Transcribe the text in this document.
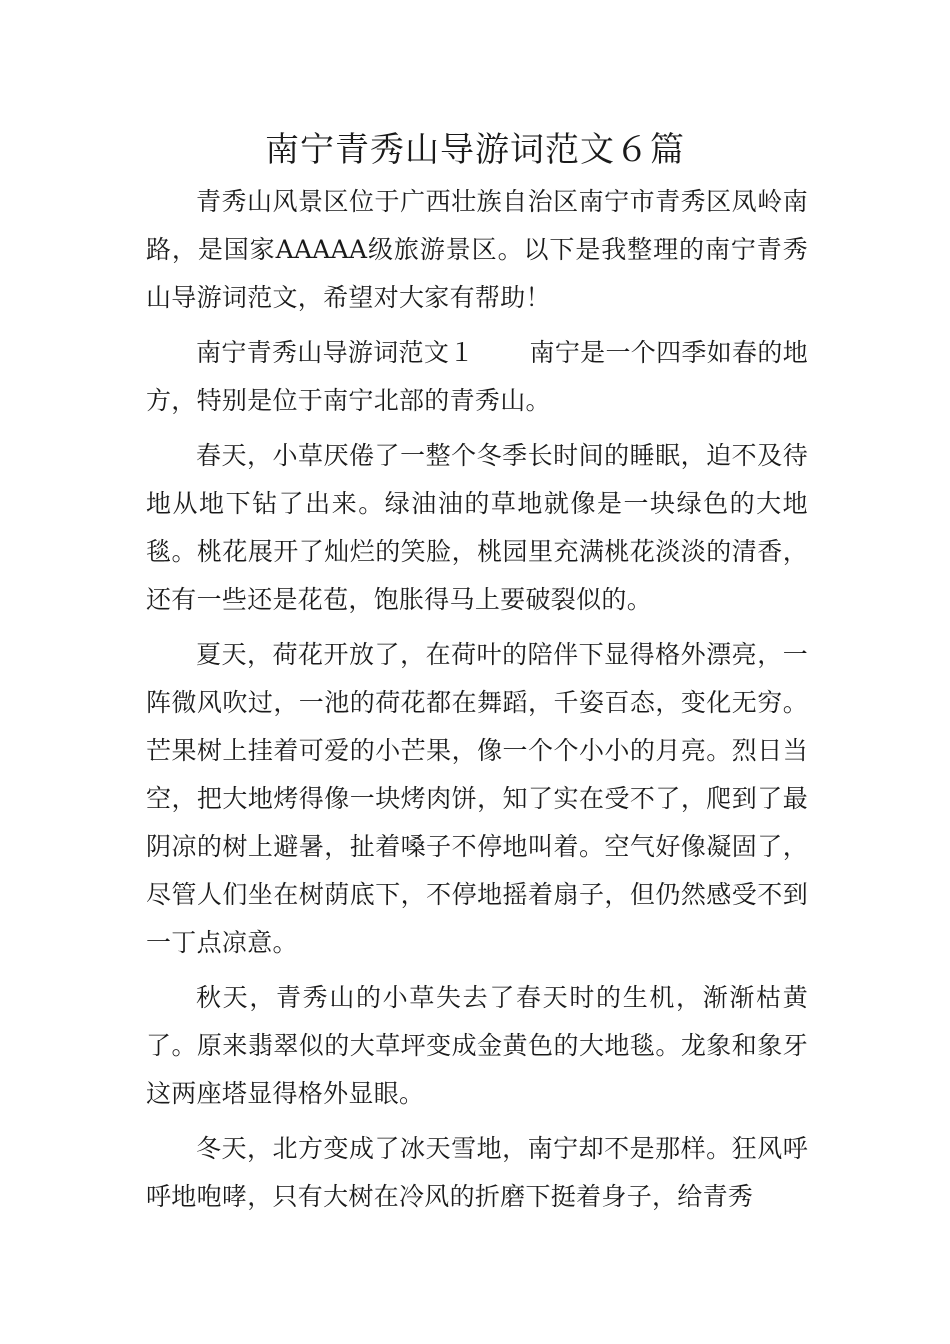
南宁青秀山导游词范文６篇

青秀山风景区位于广西壮族自治区南宁市青秀区凤岭南路，是国家AAAAA级旅游景区。以下是我整理的南宁青秀山导游词范文，希望对大家有帮助！

南宁青秀山导游词范文１ 南宁是一个四季如春的地方，特别是位于南宁北部的青秀山。

春天，小草厌倦了一整个冬季长时间的睡眠，迫不及待地从地下钻了出来。绿油油的草地就像是一块绿色的大地毯。桃花展开了灿烂的笑脸，桃园里充满桃花淡淡的清香，还有一些还是花苞，饱胀得马上要破裂似的。

夏天，荷花开放了，在荷叶的陪伴下显得格外漂亮，一阵微风吹过，一池的荷花都在舞蹈，千姿百态，变化无穷。芒果树上挂着可爱的小芒果，像一个个小小的月亮。烈日当空，把大地烤得像一块烤肉饼，知了实在受不了，爬到了最阴凉的树上避暑，扯着嗓子不停地叫着。空气好像凝固了，尽管人们坐在树荫底下，不停地摇着扇子，但仍然感受不到一丁点凉意。

秋天，青秀山的小草失去了春天时的生机，渐渐枯黄了。原来翡翠似的大草坪变成金黄色的大地毯。龙象和象牙这两座塔显得格外显眼。

冬天，北方变成了冰天雪地，南宁却不是那样。狂风呼呼地咆哮，只有大树在冷风的折磨下挺着身子，给青秀
